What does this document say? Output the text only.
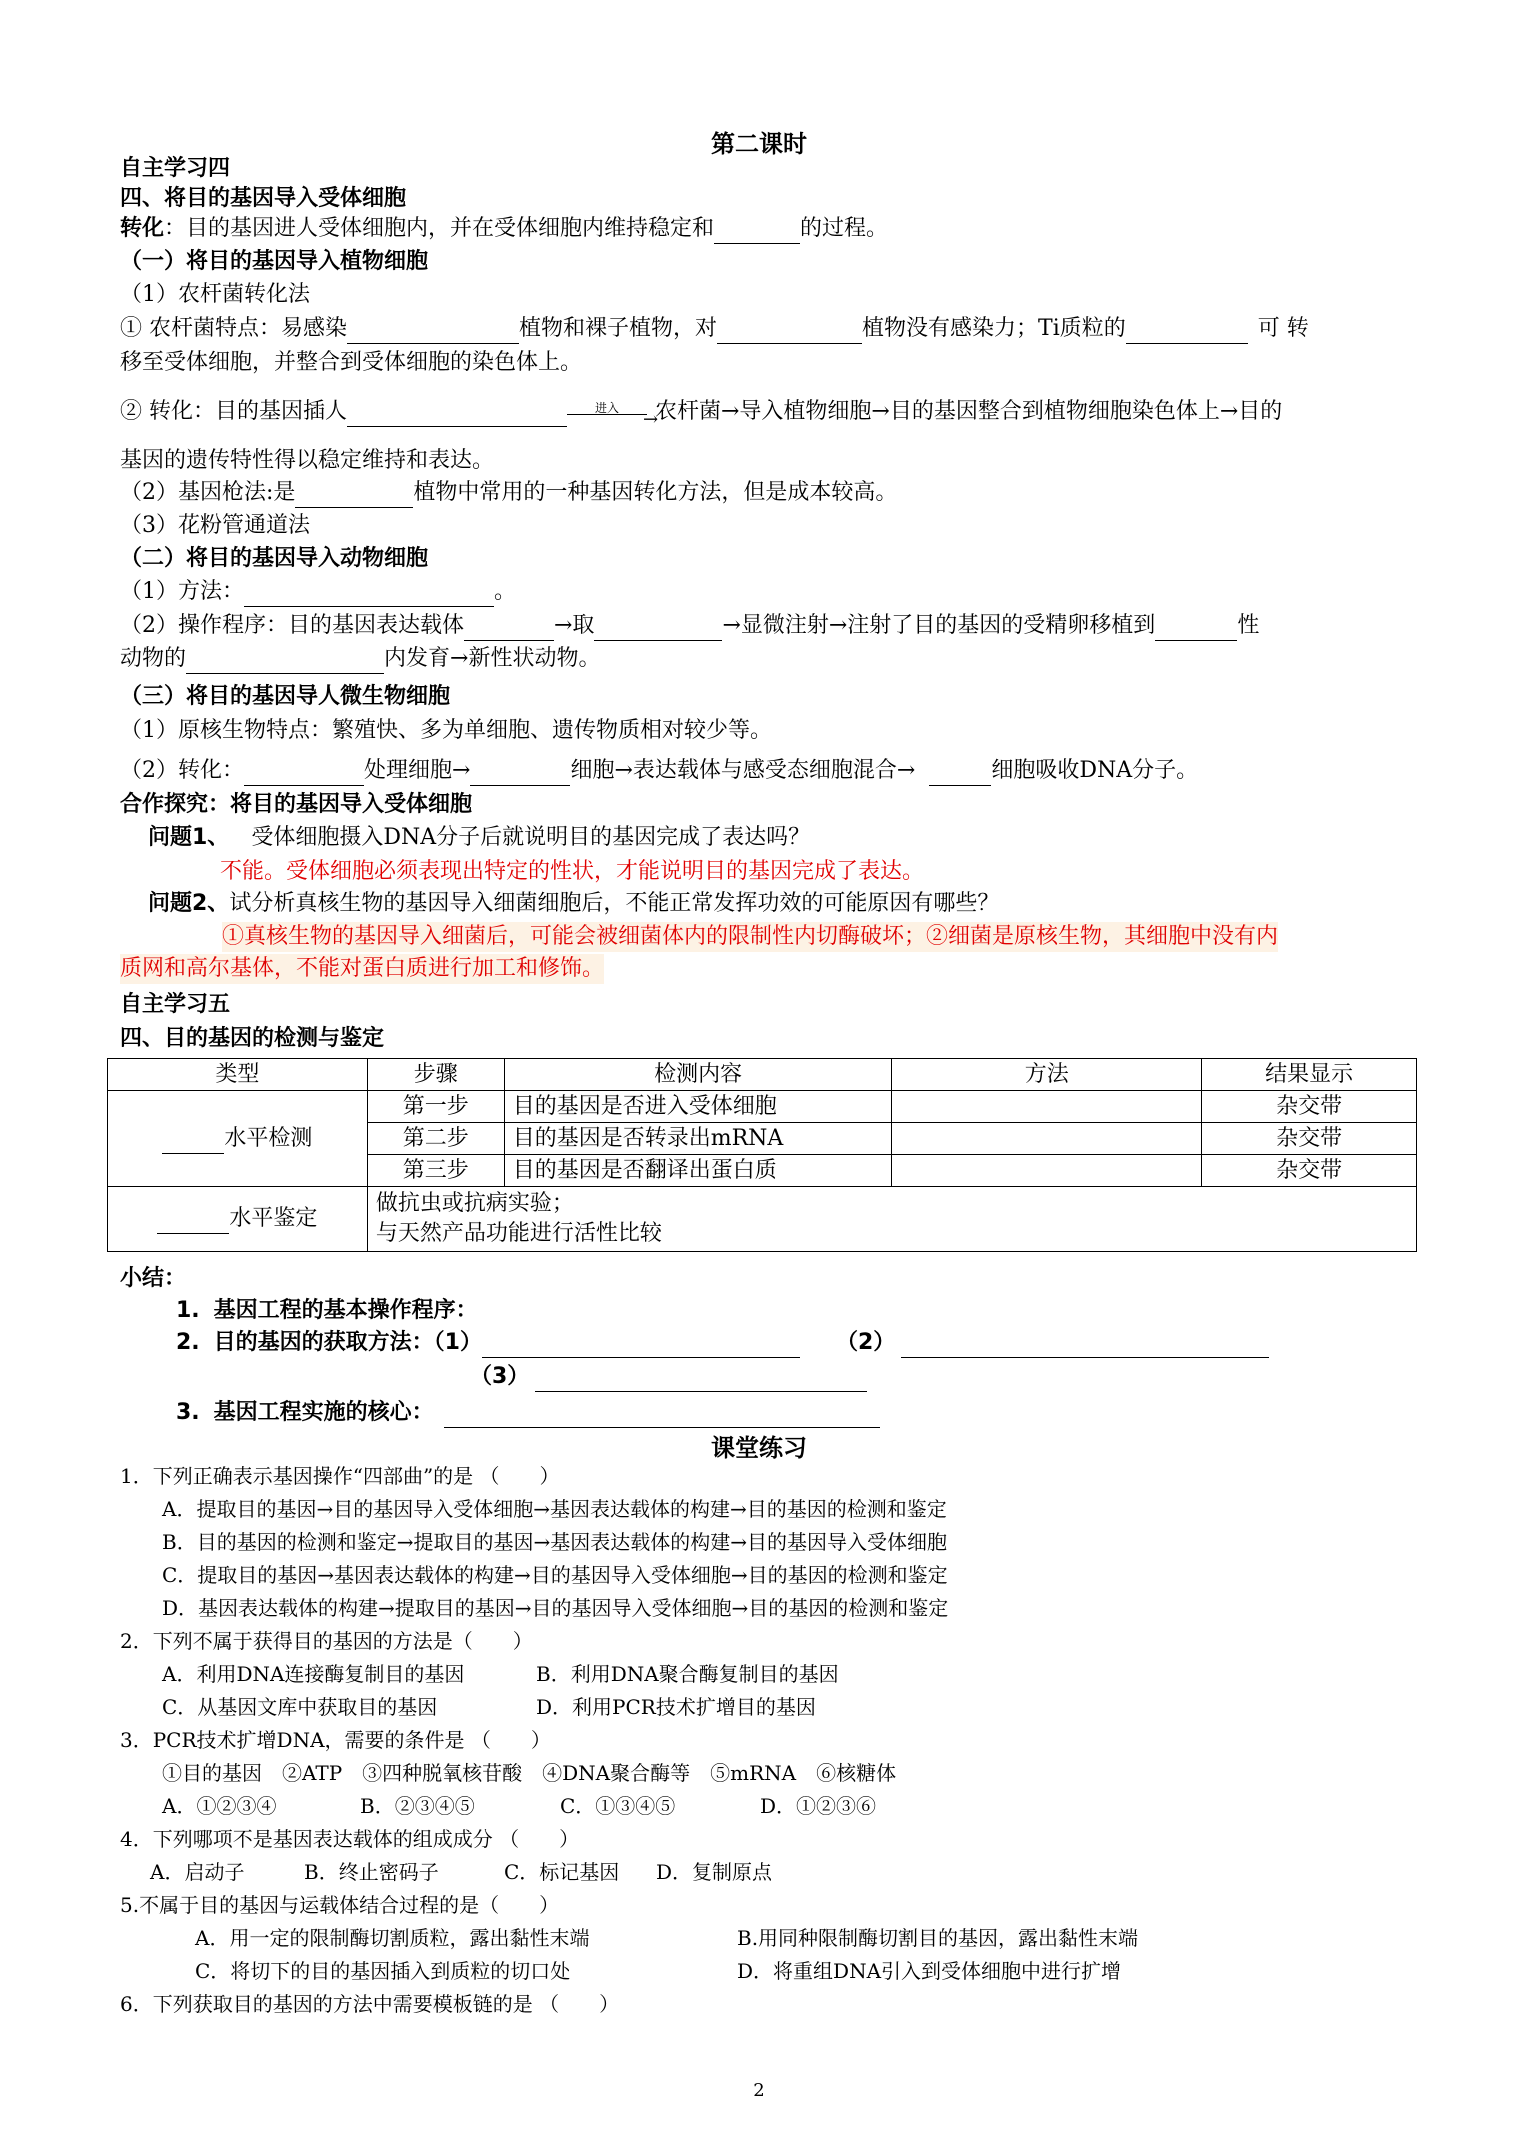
第二课时
自主学习四
四、将目的基因导入受体细胞
转化：目的基因进人受体细胞内，并在受体细胞内维持稳定和	的过程。
（一）将目的基因导入植物细胞
（1）农杆菌转化法
① 农杆菌特点：易感染	植物和裸子植物，对	植物没有感染力；Ti质粒的	可 转
移至受体细胞，并整合到受体细胞的染色体上。
② 转化：目的基因插人	进入
→
农杆菌→导入植物细胞→目的基因整合到植物细胞染色体上→目的
基因的遗传特性得以稳定维持和表达。
（2）基因枪法:是	植物中常用的一种基因转化方法，但是成本较高。
（3）花粉管通道法
（二）将目的基因导入动物细胞
（1）方法：	。
（2）操作程序：目的基因表达载体	→取	→显微注射→注射了目的基因的受精卵移植到	性
动物的	内发育→新性状动物。
（三）将目的基因导人微生物细胞
（1）原核生物特点：繁殖快、多为单细胞、遗传物质相对较少等。
（2）转化：	处理细胞→	细胞→表达载体与感受态细胞混合→	细胞吸收DNA分子。
合作探究：将目的基因导入受体细胞
问题1、 受体细胞摄入DNA分子后就说明目的基因完成了表达吗？
不能。受体细胞必须表现出特定的性状，才能说明目的基因完成了表达。
问题2、试分析真核生物的基因导入细菌细胞后，不能正常发挥功效的可能原因有哪些？
①真核生物的基因导入细菌后，可能会被细菌体内的限制性内切酶破坏；②细菌是原核生物，其细胞中没有内
质网和高尔基体，不能对蛋白质进行加工和修饰。
自主学习五
四、目的基因的检测与鉴定
类型	步骤	检测内容	方法	结果显示
水平检测	第一步	目的基因是否进入受体细胞		杂交带
	第二步	目的基因是否转录出mRNA		杂交带
	第三步	目的基因是否翻译出蛋白质		杂交带
水平鉴定	做抗虫或抗病实验；
与天然产品功能进行活性比较			
小结：
1. 基因工程的基本操作程序：
2. 目的基因的获取方法：（1）	（2）
（3）
3. 基因工程实施的核心：
课堂练习
1．下列正确表示基因操作“四部曲”的是 （　　）
A．提取目的基因→目的基因导入受体细胞→基因表达载体的构建→目的基因的检测和鉴定
B．目的基因的检测和鉴定→提取目的基因→基因表达载体的构建→目的基因导入受体细胞
C．提取目的基因→基因表达载体的构建→目的基因导入受体细胞→目的基因的检测和鉴定
D．基因表达载体的构建→提取目的基因→目的基因导入受体细胞→目的基因的检测和鉴定
2．下列不属于获得目的基因的方法是（　　）
A．利用DNA连接酶复制目的基因	B．利用DNA聚合酶复制目的基因
C．从基因文库中获取目的基因	D．利用PCR技术扩增目的基因
3．PCR技术扩增DNA，需要的条件是 （　　）
①目的基因　②ATP　③四种脱氧核苷酸　④DNA聚合酶等　⑤mRNA　⑥核糖体
A．①②③④	B．②③④⑤	C．①③④⑤	D．①②③⑥
4．下列哪项不是基因表达载体的组成成分 （　　）
A．启动子	B．终止密码子	C．标记基因 D．复制原点
5.不属于目的基因与运载体结合过程的是（　　）
A．用一定的限制酶切割质粒，露出黏性末端	B.用同种限制酶切割目的基因，露出黏性末端
C．将切下的目的基因插入到质粒的切口处	D．将重组DNA引入到受体细胞中进行扩增
6．下列获取目的基因的方法中需要模板链的是 （　　）
2
